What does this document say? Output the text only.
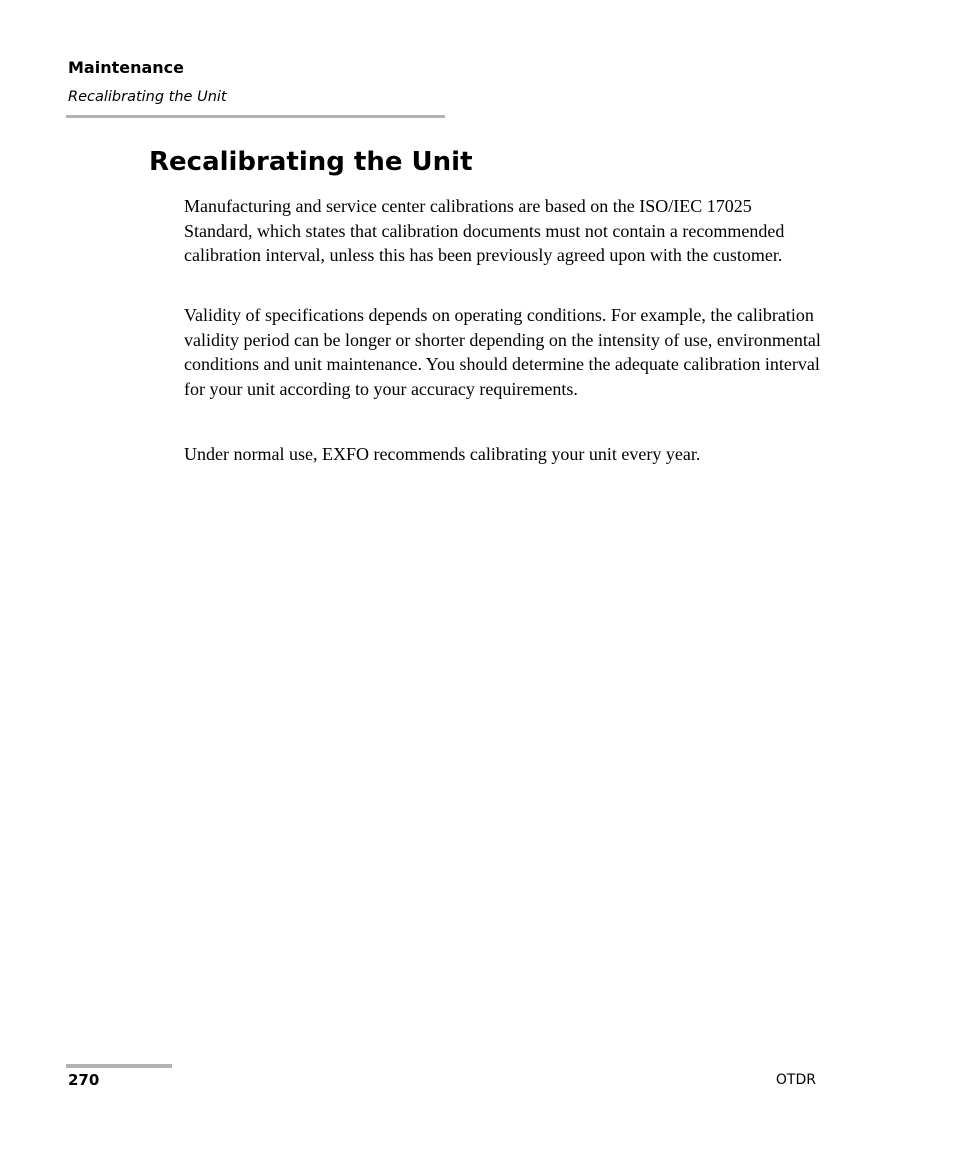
Maintenance
Recalibrating the Unit
Recalibrating the Unit

Manufacturing and service center calibrations are based on the ISO/IEC 17025 Standard, which states that calibration documents must not contain a recommended calibration interval, unless this has been previously agreed upon with the customer.

Validity of specifications depends on operating conditions. For example, the calibration validity period can be longer or shorter depending on the intensity of use, environmental conditions and unit maintenance. You should determine the adequate calibration interval for your unit according to your accuracy requirements.

Under normal use, EXFO recommends calibrating your unit every year.

270	OTDR
